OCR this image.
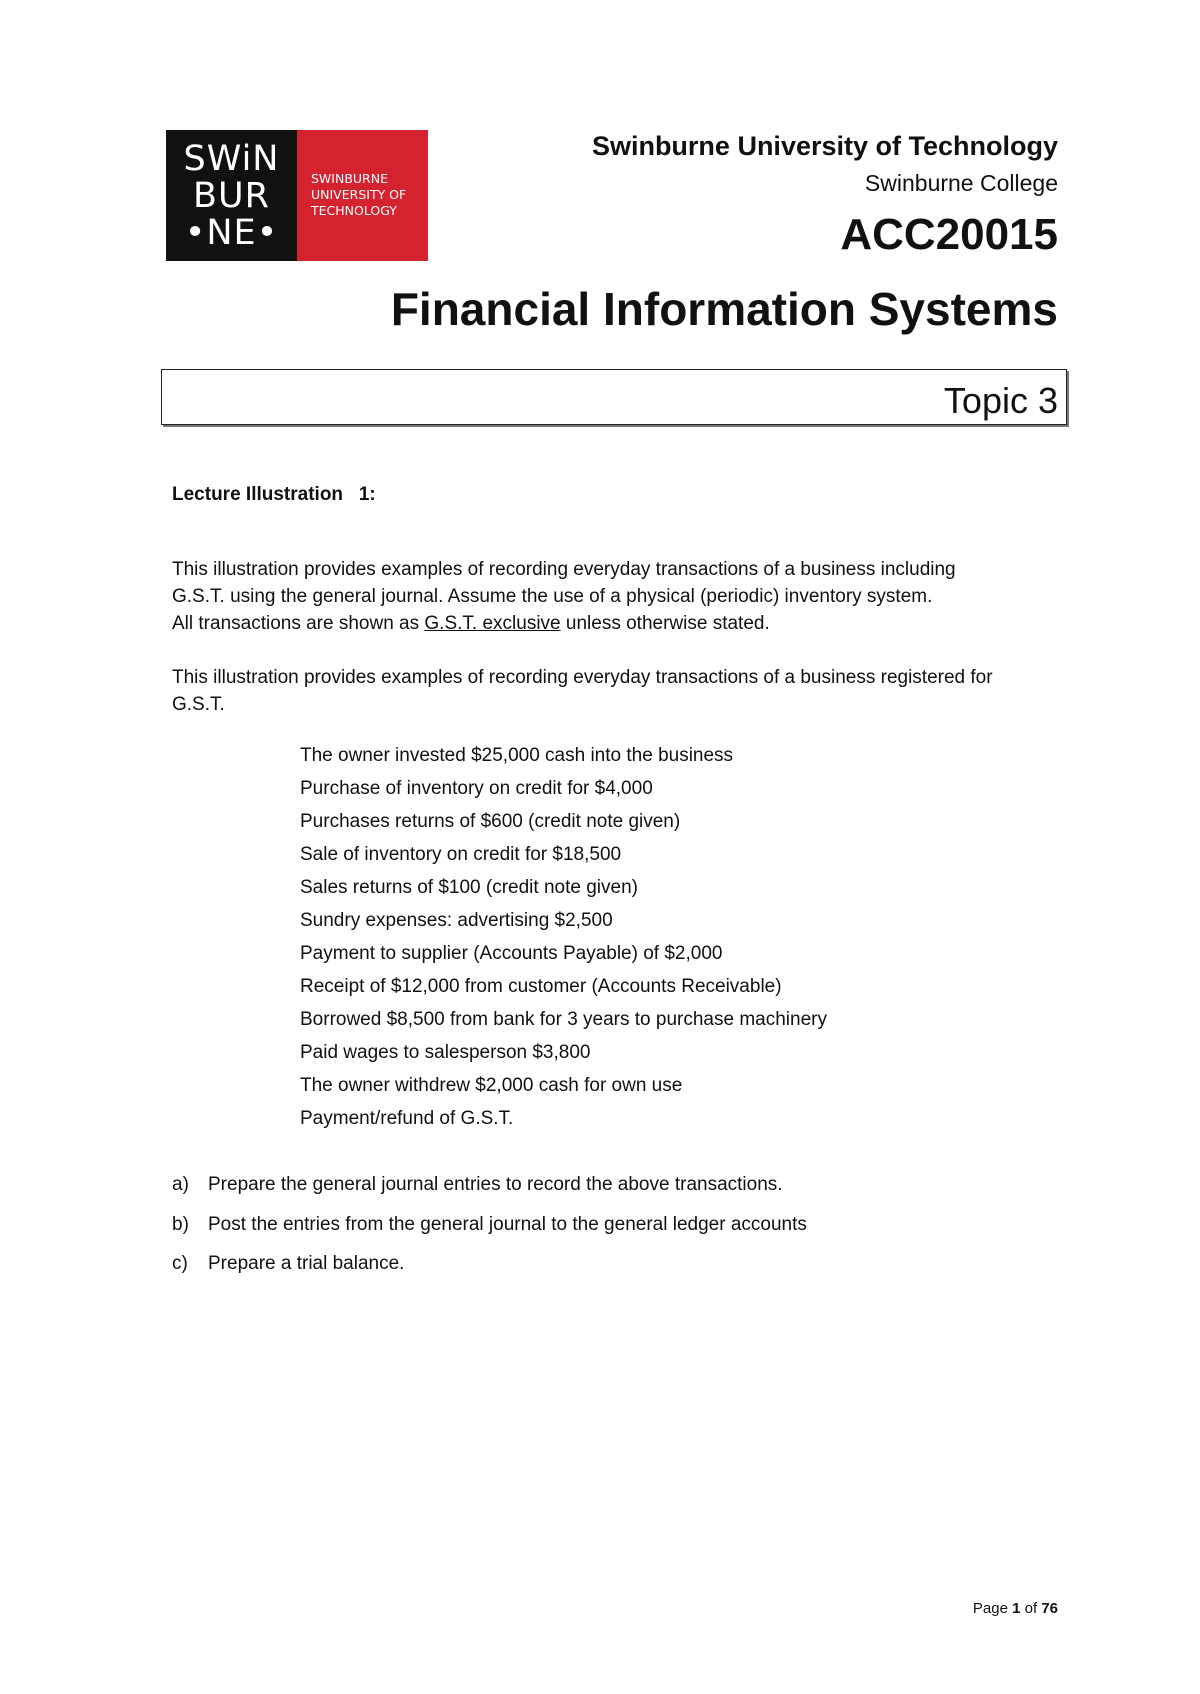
SWiN
BUR
•NE•
SWINBURNE
UNIVERSITY OF
TECHNOLOGY
Swinburne University of Technology
Swinburne College
ACC20015
Financial Information Systems
Topic 3
Lecture Illustration   1:
This illustration provides examples of recording everyday transactions of a business including
G.S.T. using the general journal. Assume the use of a physical (periodic) inventory system.
All transactions are shown as G.S.T. exclusive unless otherwise stated.
This illustration provides examples of recording everyday transactions of a business registered for
G.S.T.
The owner invested $25,000 cash into the business
Purchase of inventory on credit for $4,000
Purchases returns of $600 (credit note given)
Sale of inventory on credit for $18,500
Sales returns of $100 (credit note given)
Sundry expenses: advertising $2,500
Payment to supplier (Accounts Payable) of $2,000
Receipt of $12,000 from customer (Accounts Receivable)
Borrowed $8,500 from bank for 3 years to purchase machinery
Paid wages to salesperson $3,800
The owner withdrew $2,000 cash for own use
Payment/refund of G.S.T.
a) Prepare the general journal entries to record the above transactions.
b) Post the entries from the general journal to the general ledger accounts
c) Prepare a trial balance.
Page 1 of 76
